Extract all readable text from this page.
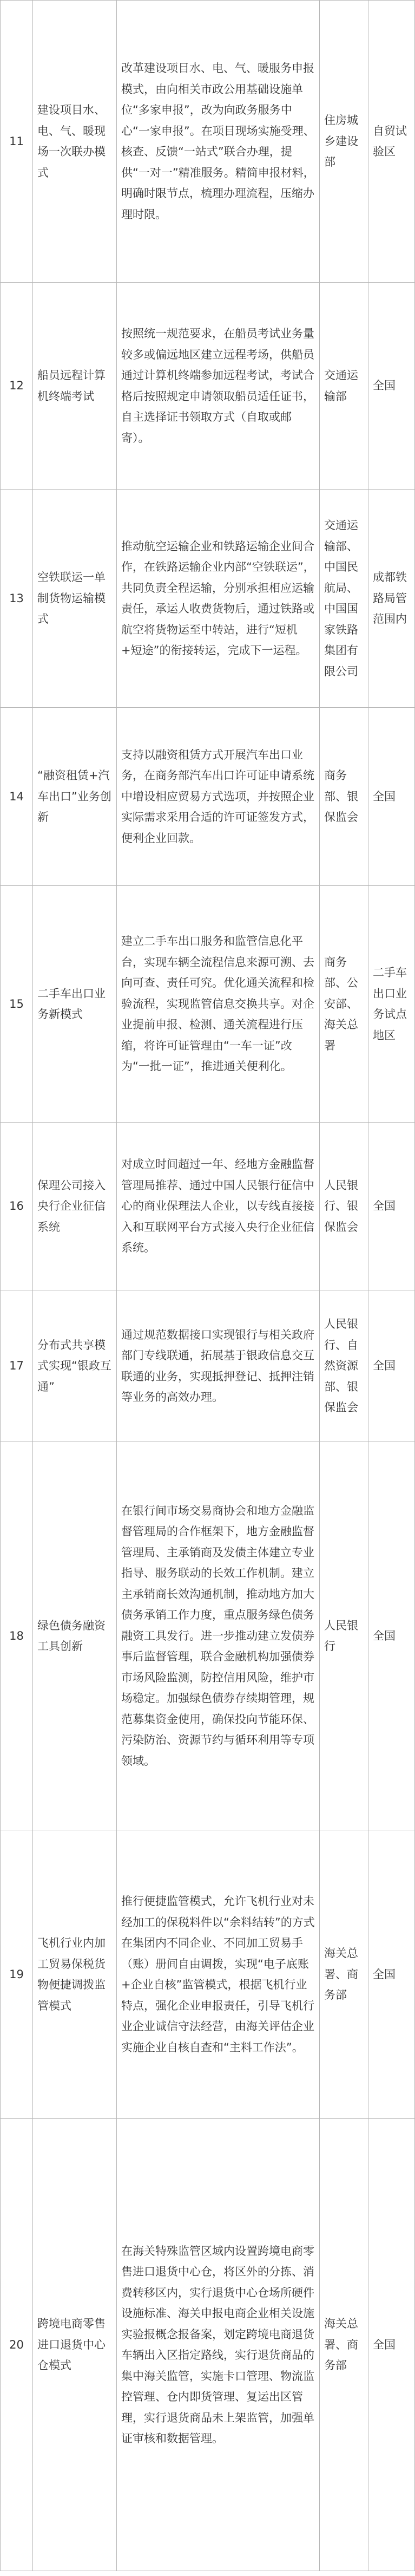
11	建设项目水、电、气、暖现场一次联办模式	改革建设项目水、电、气、暖服务申报模式，由向相关市政公用基础设施单位“多家申报”，改为向政务服务中心“一家申报”。在项目现场实施受理、核查、反馈“一站式”联合办理，提供“一对一”精准服务。精简申报材料，明确时限节点，梳理办理流程，压缩办理时限。	住房城乡建设部	自贸试验区
12	船员远程计算机终端考试	按照统一规范要求，在船员考试业务量较多或偏远地区建立远程考场，供船员通过计算机终端参加远程考试，考试合格后按照规定申请领取船员适任证书，自主选择证书领取方式（自取或邮寄）。	交通运输部	全国
13	空铁联运一单制货物运输模式	推动航空运输企业和铁路运输企业间合作，在铁路运输企业内部“空铁联运”，共同负责全程运输，分别承担相应运输责任，承运人收费货物后，通过铁路或航空将货物运至中转站，进行“短机+短途”的衔接转运，完成下一运程。	交通运输部、中国民航局、中国国家铁路集团有限公司	成都铁路局管范围内
14	“融资租赁+汽车出口”业务创新	支持以融资租赁方式开展汽车出口业务，在商务部汽车出口许可证申请系统中增设相应贸易方式选项，并按照企业实际需求采用合适的许可证签发方式，便利企业回款。	商务部、银保监会	全国
15	二手车出口业务新模式	建立二手车出口服务和监管信息化平台，实现车辆全流程信息来源可溯、去向可查、责任可究。优化通关流程和检验流程，实现监管信息交换共享。对企业提前申报、检测、通关流程进行压缩，将许可证管理由“一车一证”改为“一批一证”，推进通关便利化。	商务部、公安部、海关总署	二手车出口业务试点地区
16	保理公司接入央行企业征信系统	对成立时间超过一年、经地方金融监督管理局推荐、通过中国人民银行征信中心的商业保理法人企业，以专线直接接入和互联网平台方式接入央行企业征信系统。	人民银行、银保监会	全国
17	分布式共享模式实现“银政互通”	通过规范数据接口实现银行与相关政府部门专线联通，拓展基于银政信息交互联通的业务，实现抵押登记、抵押注销等业务的高效办理。	人民银行、自然资源部、银保监会	全国
18	绿色债务融资工具创新	在银行间市场交易商协会和地方金融监督管理局的合作框架下，地方金融监督管理局、主承销商及发债主体建立专业指导、服务联动的长效工作机制。建立主承销商长效沟通机制，推动地方加大债务承销工作力度，重点服务绿色债务融资工具发行。进一步推动建立发债券事后监督管理，联合金融机构加强债券市场风险监测，防控信用风险，维护市场稳定。加强绿色债券存续期管理，规范募集资金使用，确保投向节能环保、污染防治、资源节约与循环利用等专项领域。	人民银行	全国
19	飞机行业内加工贸易保税货物便捷调拨监管模式	推行便捷监管模式，允许飞机行业对未经加工的保税料件以“余料结转”的方式在集团内不同企业、不同加工贸易手（账）册间自由调拨，实现“电子底账+企业自核”监管模式，根据飞机行业特点，强化企业申报责任，引导飞机行业企业诚信守法经营，由海关评估企业实施企业自核自查和“主料工作法”。	海关总署、商务部	全国
20	跨境电商零售进口退货中心仓模式	在海关特殊监管区域内设置跨境电商零售进口退货中心仓，将区外的分拣、消费转移区内，实行退货中心仓场所硬件设施标准、海关申报电商企业相关设施实验报概念报备案，划定跨境电商退货车辆出入区指定路线，实行退货商品的集中海关监管，实施卡口管理、物流监控管理、仓内即货管理、复运出区管理，实行退货商品未上架监管，加强单证审核和数据管理。	海关总署、商务部	全国
